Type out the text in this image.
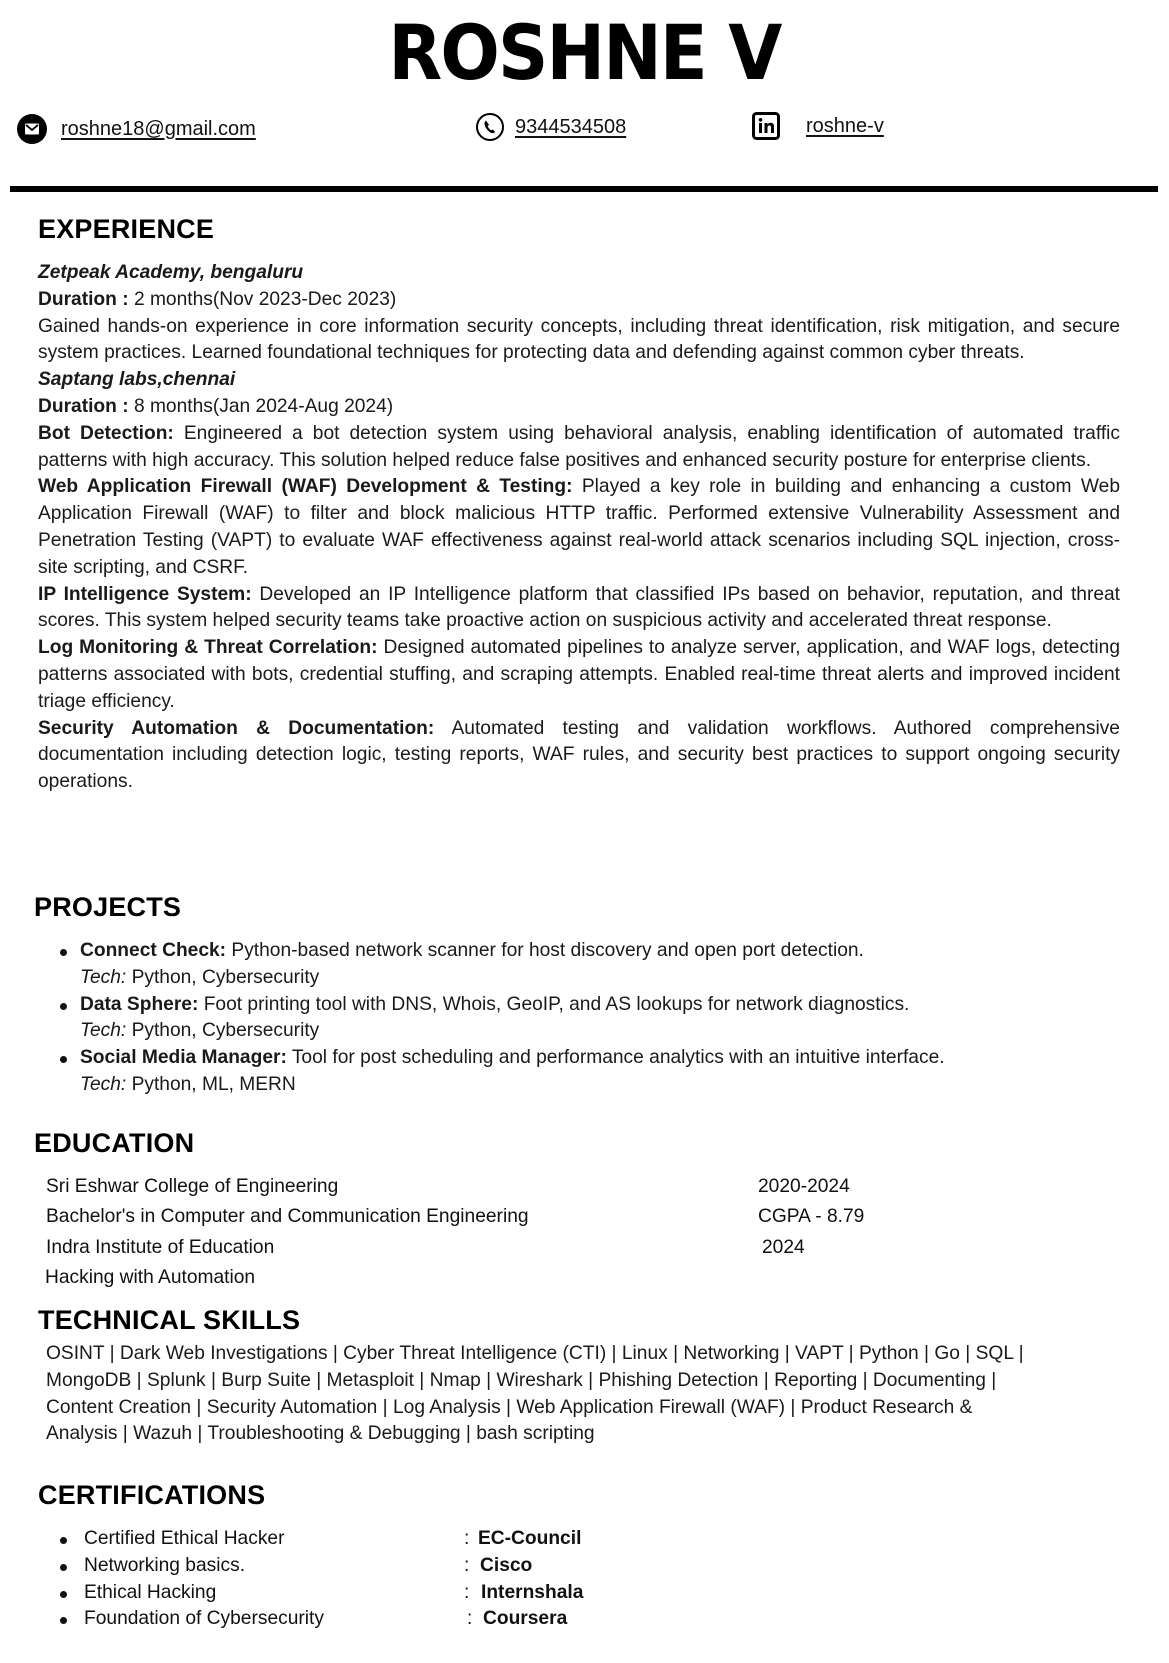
ROSHNE V
roshne18@gmail.com	9344534508	roshne-v
EXPERIENCE
Zetpeak Academy, bengaluru
Duration : 2 months(Nov 2023-Dec 2023)
Gained hands-on experience in core information security concepts, including threat identification, risk mitigation, and secure system practices. Learned foundational techniques for protecting data and defending against common cyber threats.
Saptang labs,chennai
Duration : 8 months(Jan 2024-Aug 2024)
Bot Detection: Engineered a bot detection system using behavioral analysis, enabling identification of automated traffic patterns with high accuracy. This solution helped reduce false positives and enhanced security posture for enterprise clients.
Web Application Firewall (WAF) Development & Testing: Played a key role in building and enhancing a custom Web Application Firewall (WAF) to filter and block malicious HTTP traffic. Performed extensive Vulnerability Assessment and Penetration Testing (VAPT) to evaluate WAF effectiveness against real-world attack scenarios including SQL injection, cross-site scripting, and CSRF.
IP Intelligence System: Developed an IP Intelligence platform that classified IPs based on behavior, reputation, and threat scores. This system helped security teams take proactive action on suspicious activity and accelerated threat response.
Log Monitoring & Threat Correlation: Designed automated pipelines to analyze server, application, and WAF logs, detecting patterns associated with bots, credential stuffing, and scraping attempts. Enabled real-time threat alerts and improved incident triage efficiency.
Security Automation & Documentation: Automated testing and validation workflows. Authored comprehensive documentation including detection logic, testing reports, WAF rules, and security best practices to support ongoing security operations.
PROJECTS
Connect Check: Python-based network scanner for host discovery and open port detection.
Tech: Python, Cybersecurity
Data Sphere: Foot printing tool with DNS, Whois, GeoIP, and AS lookups for network diagnostics.
Tech: Python, Cybersecurity
Social Media Manager: Tool for post scheduling and performance analytics with an intuitive interface.
Tech: Python, ML, MERN
EDUCATION
Sri Eshwar College of Engineering	2020-2024
Bachelor's in Computer and Communication Engineering	CGPA - 8.79
Indra Institute of Education	2024
Hacking with Automation
TECHNICAL SKILLS
OSINT | Dark Web Investigations | Cyber Threat Intelligence (CTI) | Linux | Networking | VAPT | Python | Go | SQL |
MongoDB | Splunk | Burp Suite | Metasploit | Nmap | Wireshark | Phishing Detection | Reporting | Documenting |
Content Creation | Security Automation | Log Analysis | Web Application Firewall (WAF) | Product Research &
Analysis | Wazuh | Troubleshooting & Debugging | bash scripting
CERTIFICATIONS
Certified Ethical Hacker	: EC-Council
Networking basics.	: Cisco
Ethical Hacking	: Internshala
Foundation of Cybersecurity	: Coursera
